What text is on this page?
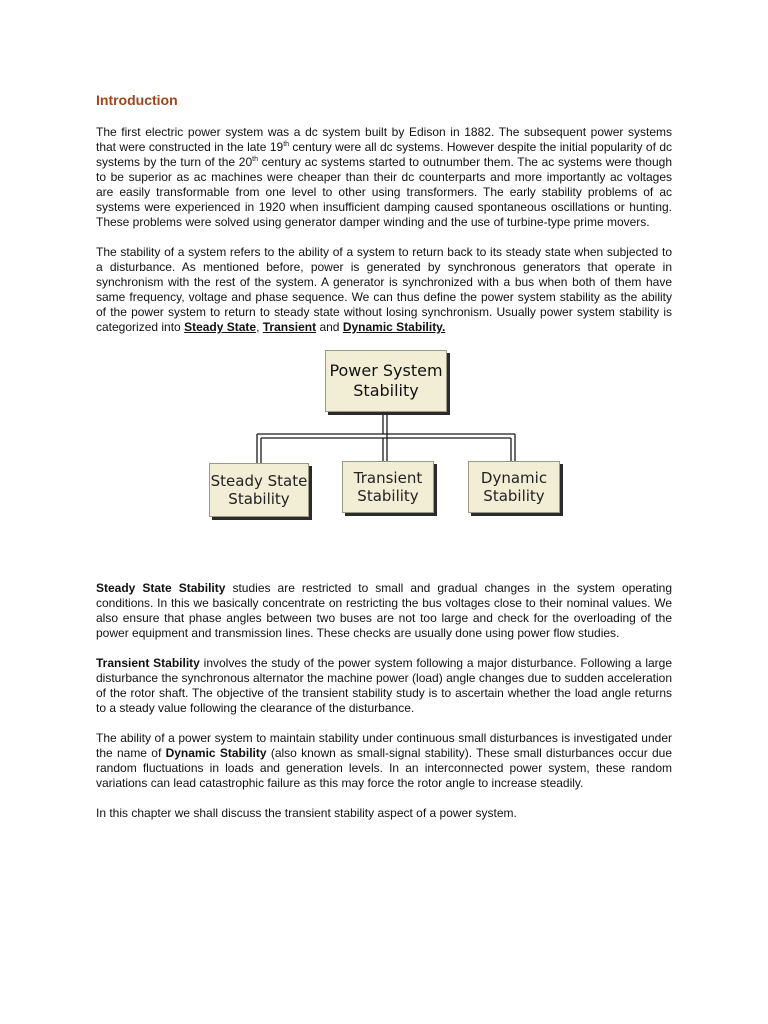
Introduction

The first electric power system was a dc system built by Edison in 1882. The subsequent power systems that were constructed in the late 19th century were all dc systems. However despite the initial popularity of dc systems by the turn of the 20th century ac systems started to outnumber them. The ac systems were though to be superior as ac machines were cheaper than their dc counterparts and more importantly ac voltages are easily transformable from one level to other using transformers. The early stability problems of ac systems were experienced in 1920 when insufficient damping caused spontaneous oscillations or hunting. These problems were solved using generator damper winding and the use of turbine-type prime movers.

The stability of a system refers to the ability of a system to return back to its steady state when subjected to a disturbance. As mentioned before, power is generated by synchronous generators that operate in synchronism with the rest of the system. A generator is synchronized with a bus when both of them have same frequency, voltage and phase sequence. We can thus define the power system stability as the ability of the power system to return to steady state without losing synchronism. Usually power system stability is categorized into Steady State, Transient and Dynamic Stability.

Power System
Stability
Steady State
Stability
Transient
Stability
Dynamic
Stability

Steady State Stability studies are restricted to small and gradual changes in the system operating conditions. In this we basically concentrate on restricting the bus voltages close to their nominal values. We also ensure that phase angles between two buses are not too large and check for the overloading of the power equipment and transmission lines. These checks are usually done using power flow studies.

Transient Stability involves the study of the power system following a major disturbance. Following a large disturbance the synchronous alternator the machine power (load) angle changes due to sudden acceleration of the rotor shaft. The objective of the transient stability study is to ascertain whether the load angle returns to a steady value following the clearance of the disturbance.

The ability of a power system to maintain stability under continuous small disturbances is investigated under the name of Dynamic Stability (also known as small-signal stability). These small disturbances occur due random fluctuations in loads and generation levels. In an interconnected power system, these random variations can lead catastrophic failure as this may force the rotor angle to increase steadily.

In this chapter we shall discuss the transient stability aspect of a power system.
